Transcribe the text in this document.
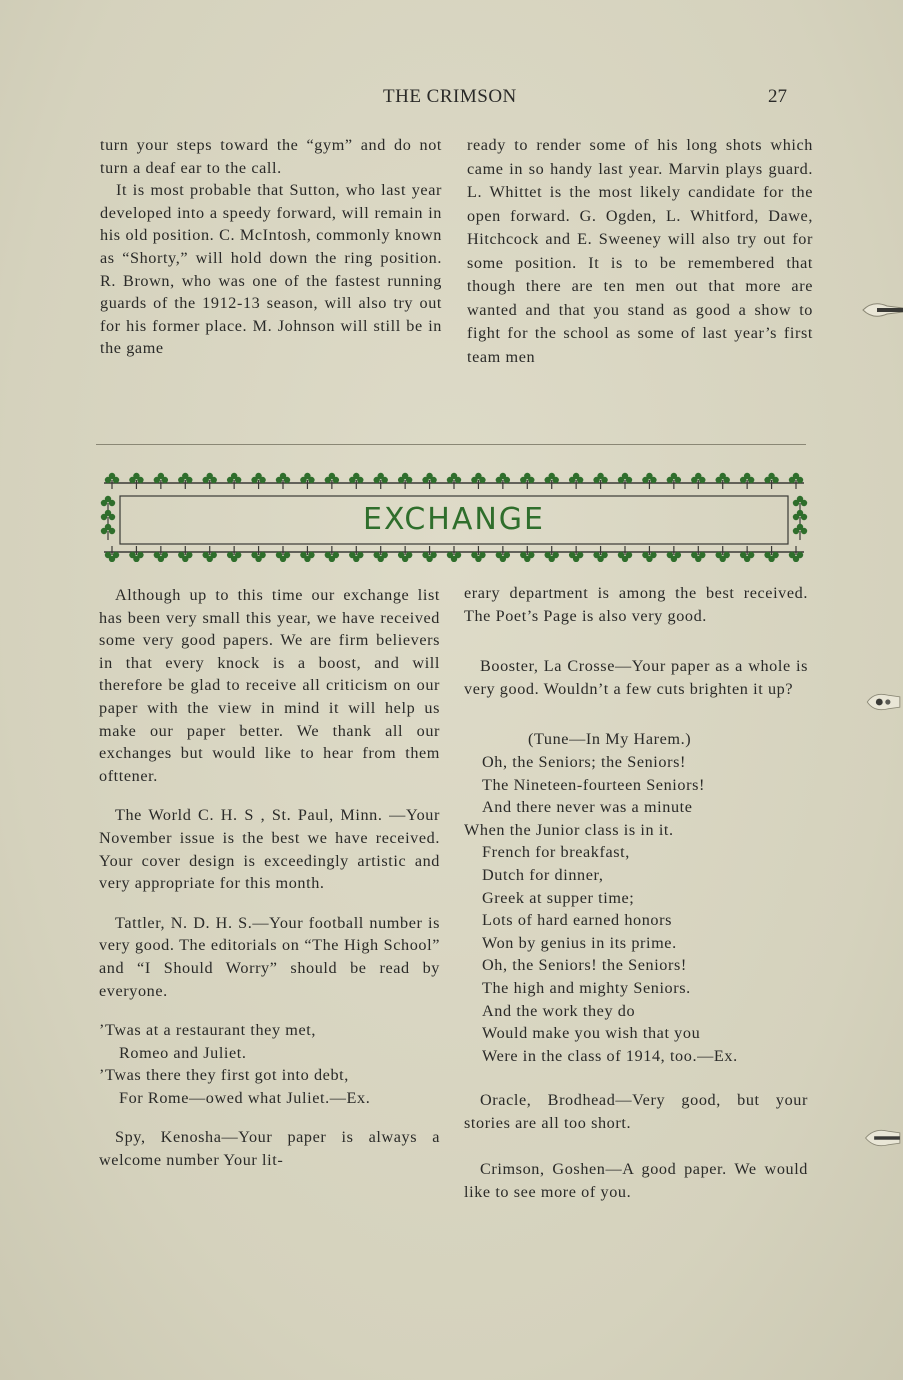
THE CRIMSON	27

turn your steps toward the “gym” and do not turn a deaf ear to the call.

It is most probable that Sutton, who last year developed into a speedy forward, will remain in his old position. C. McIntosh, commonly known as “Shorty,” will hold down the ring position. R. Brown, who was one of the fastest running guards of the 1912-13 season, will also try out for his former place. M. Johnson will still be in the game

ready to render some of his long shots which came in so handy last year. Marvin plays guard. L. Whittet is the most likely candidate for the open forward. G. Ogden, L. Whitford, Dawe, Hitchcock and E. Sweeney will also try out for some position. It is to be remembered that though there are ten men out that more are wanted and that you stand as good a show to fight for the school as some of last year’s first team men

EXCHANGE

Although up to this time our exchange list has been very small this year, we have received some very good papers. We are firm believers in that every knock is a boost, and will therefore be glad to receive all criticism on our paper with the view in mind it will help us make our paper better. We thank all our exchanges but would like to hear from them ofttener.

The World C. H. S , St. Paul, Minn. —Your November issue is the best we have received. Your cover design is exceedingly artistic and very appropriate for this month.

Tattler, N. D. H. S.—Your football number is very good. The editorials on “The High School” and “I Should Worry” should be read by everyone.

’Twas at a restaurant they met,
Romeo and Juliet.
’Twas there they first got into debt,
For Rome—owed what Juliet.—Ex.

Spy, Kenosha—Your paper is always a welcome number Your lit-

erary department is among the best received. The Poet’s Page is also very good.

Booster, La Crosse—Your paper as a whole is very good. Wouldn’t a few cuts brighten it up?

(Tune—In My Harem.)
Oh, the Seniors; the Seniors!
The Nineteen-fourteen Seniors!
And there never was a minute
When the Junior class is in it.
French for breakfast,
Dutch for dinner,
Greek at supper time;
Lots of hard earned honors
Won by genius in its prime.
Oh, the Seniors! the Seniors!
The high and mighty Seniors.
And the work they do
Would make you wish that you
Were in the class of 1914, too.—Ex.

Oracle, Brodhead—Very good, but your stories are all too short.

Crimson, Goshen—A good paper. We would like to see more of you.
